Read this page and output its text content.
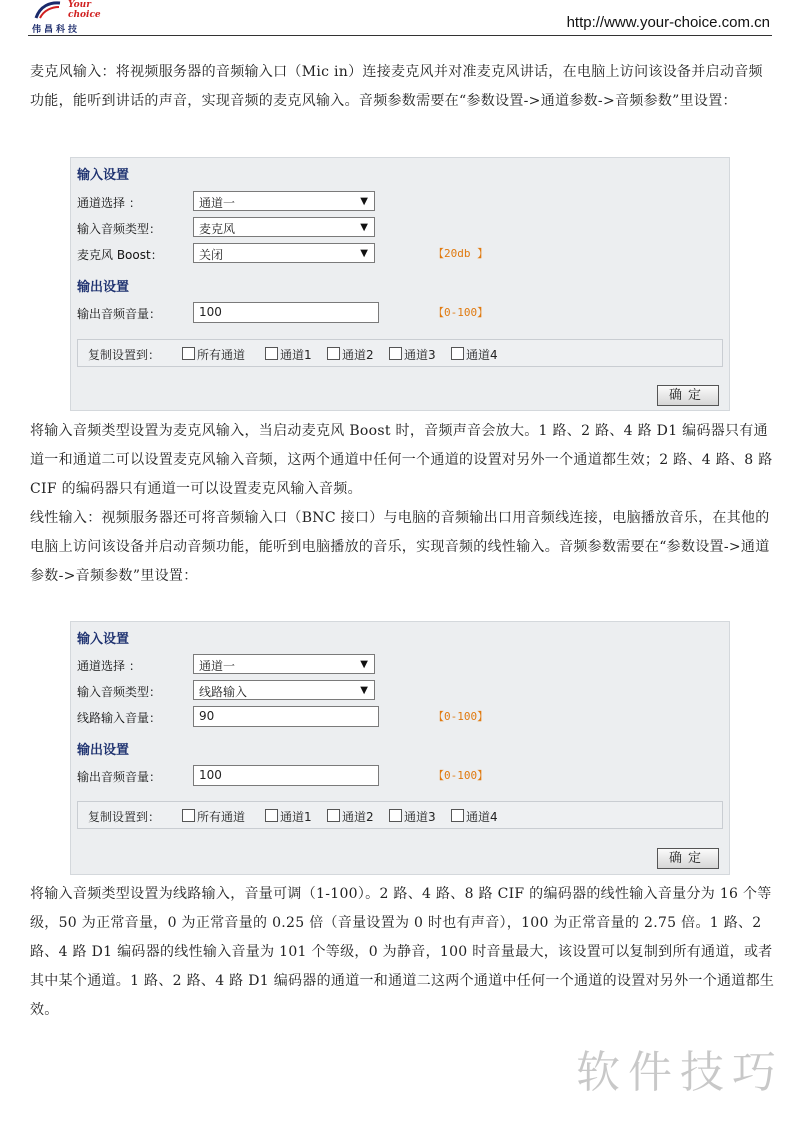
Your choice
伟昌科技	http://www.your-choice.com.cn

麦克风输入：将视频服务器的音频输入口（Mic in）连接麦克风并对准麦克风讲话，在电脑上访问该设备并启动音频功能，能听到讲话的声音，实现音频的麦克风输入。音频参数需要在“参数设置->通道参数->音频参数”里设置：

输入设置
通道选择 ：	通道一	▼
输入音频类型：	麦克风	▼
麦克风 Boost：	关闭	▼	【20db 】
输出设置
输出音频音量：	100	【0-100】
复制设置到：	所有通道	通道1	通道2	通道3	通道4
确定

将输入音频类型设置为麦克风输入，当启动麦克风 Boost 时，音频声音会放大。1 路、2 路、4 路 D1 编码器只有通道一和通道二可以设置麦克风输入音频，这两个通道中任何一个通道的设置对另外一个通道都生效；2 路、4 路、8 路 CIF 的编码器只有通道一可以设置麦克风输入音频。

线性输入：视频服务器还可将音频输入口（BNC 接口）与电脑的音频输出口用音频线连接，电脑播放音乐，在其他的电脑上访问该设备并启动音频功能，能听到电脑播放的音乐，实现音频的线性输入。音频参数需要在“参数设置->通道参数->音频参数”里设置：

输入设置
通道选择 ：	通道一	▼
输入音频类型：	线路输入	▼
线路输入音量：	90	【0-100】
输出设置
输出音频音量：	100	【0-100】
复制设置到：	所有通道	通道1	通道2	通道3	通道4
确定

将输入音频类型设置为线路输入，音量可调（1-100）。2 路、4 路、8 路 CIF 的编码器的线性输入音量分为 16 个等级，50 为正常音量，0 为正常音量的 0.25 倍（音量设置为 0 时也有声音），100 为正常音量的 2.75 倍。1 路、2 路、4 路 D1 编码器的线性输入音量为 101 个等级，0 为静音，100 时音量最大，该设置可以复制到所有通道，或者其中某个通道。1 路、2 路、4 路 D1 编码器的通道一和通道二这两个通道中任何一个通道的设置对另外一个通道都生效。

软件技巧
